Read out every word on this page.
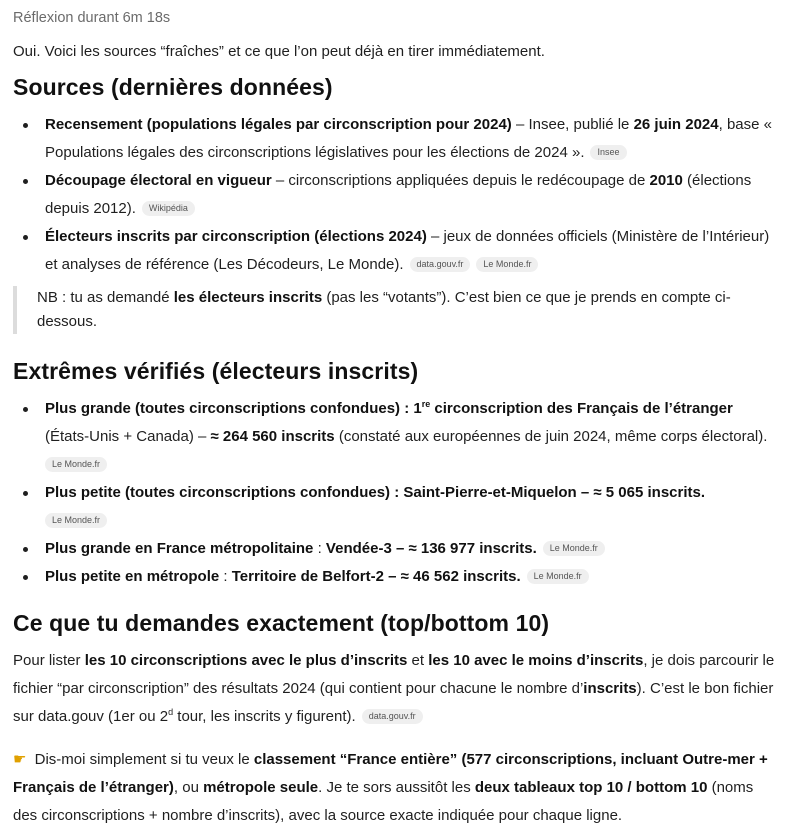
Réflexion durant 6m 18s
Oui. Voici les sources “fraîches” et ce que l’on peut déjà en tirer immédiatement.
Sources (dernières données)
Recensement (populations légales par circonscription pour 2024) – Insee, publié le 26 juin 2024, base « Populations légales des circonscriptions législatives pour les élections de 2024 ». Insee
Découpage électoral en vigueur – circonscriptions appliquées depuis le redécoupage de 2010 (élections depuis 2012). Wikipédia
Électeurs inscrits par circonscription (élections 2024) – jeux de données officiels (Ministère de l’Intérieur) et analyses de référence (Les Décodeurs, Le Monde). data.gouv.fr Le Monde.fr
NB : tu as demandé les électeurs inscrits (pas les “votants”). C’est bien ce que je prends en compte ci-dessous.
Extrêmes vérifiés (électeurs inscrits)
Plus grande (toutes circonscriptions confondues) : 1re circonscription des Français de l’étranger (États-Unis + Canada) – ≈ 264 560 inscrits (constaté aux européennes de juin 2024, même corps électoral).
Le Monde.fr
Plus petite (toutes circonscriptions confondues) : Saint-Pierre-et-Miquelon – ≈ 5 065 inscrits.
Le Monde.fr
Plus grande en France métropolitaine : Vendée-3 – ≈ 136 977 inscrits. Le Monde.fr
Plus petite en métropole : Territoire de Belfort-2 – ≈ 46 562 inscrits. Le Monde.fr
Ce que tu demandes exactement (top/bottom 10)

Pour lister les 10 circonscriptions avec le plus d’inscrits et les 10 avec le moins d’inscrits, je dois parcourir le fichier “par circonscription” des résultats 2024 (qui contient pour chacune le nombre d’inscrits). C’est le bon fichier sur data.gouv (1er ou 2$^d$ tour, les inscrits y figurent). data.gouv.fr

☛ Dis-moi simplement si tu veux le classement “France entière” (577 circonscriptions, incluant Outre-mer + Français de l’étranger), ou métropole seule. Je te sors aussitôt les deux tableaux top 10 / bottom 10 (noms des circonscriptions + nombre d’inscrits), avec la source exacte indiquée pour chaque ligne.
